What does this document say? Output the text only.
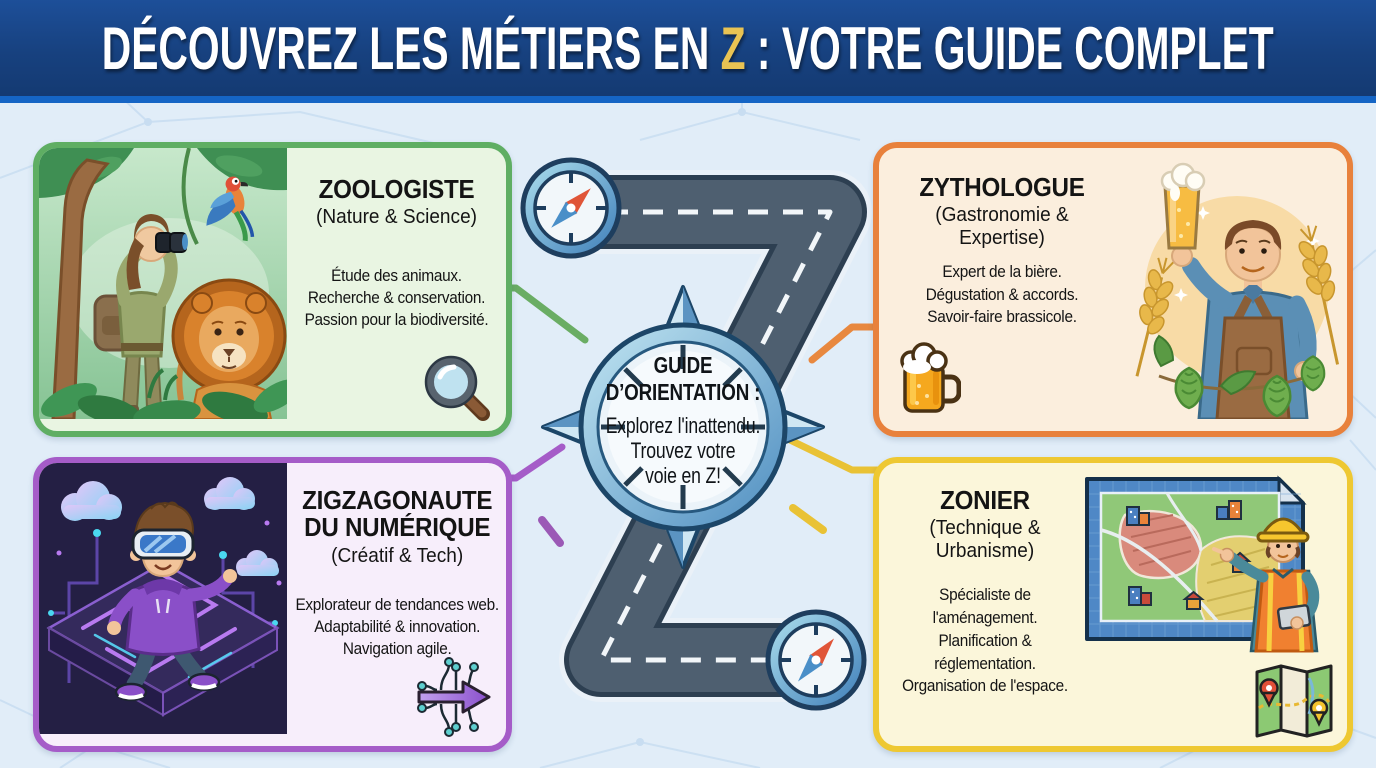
GUIDE
D’ORIENTATION :
Explorez l'inattendu.
Trouvez votre
voie en Z!
DÉCOUVREZ LES MÉTIERS EN Z : VOTRE GUIDE COMPLET
ZOOLOGISTE
(Nature & Science)
Étude des animaux.
Recherche & conservation.
Passion pour la biodiversité.
ZYTHOLOGUE
(Gastronomie & Expertise)
Expert de la bière.
Dégustation & accords.
Savoir-faire brassicole.
ZIGZAGONAUTE DU NUMÉRIQUE
(Créatif & Tech)
Explorateur de tendances web.
Adaptabilité & innovation.
Navigation agile.
ZONIER
(Technique & Urbanisme)
Spécialiste de
l'aménagement.
Planification &
réglementation.
Organisation de l'espace.
